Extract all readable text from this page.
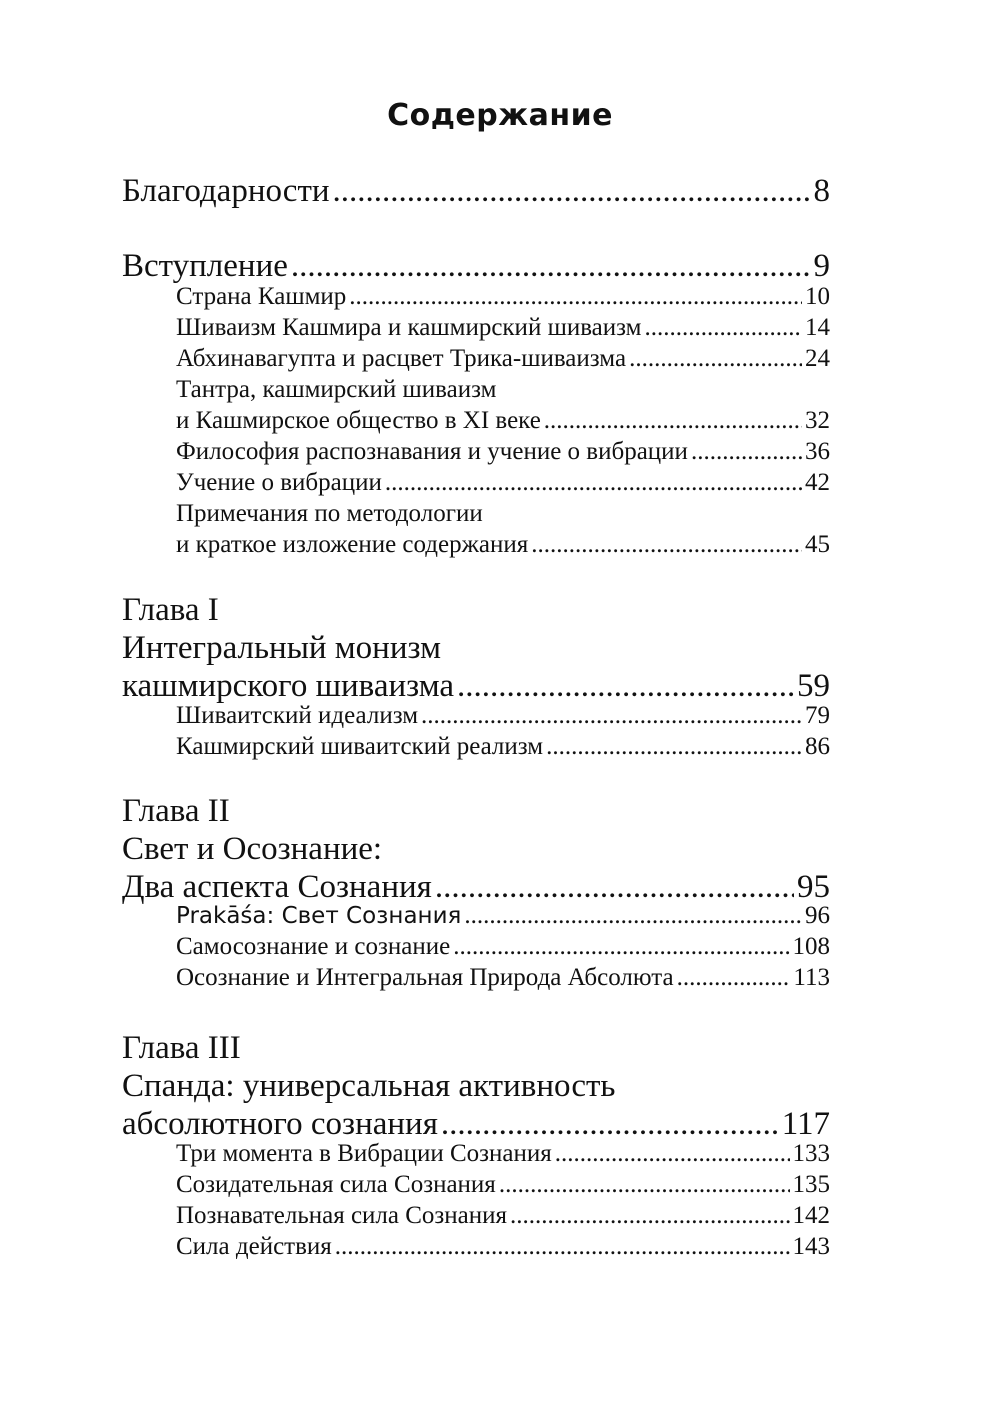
Содержание
Благодарности .....	8
Вступление .....	9
Страна Кашмир .....	10
Шиваизм Кашмира и кашмирский шиваизм .....	14
Абхинавагупта и расцвет Трика-шиваизма .....	24
Тантра, кашмирский шиваизм
и Кашмирское общество в XI веке .....	32
Философия распознавания и учение о вибрации .....	36
Учение о вибрации .....	42
Примечания по методологии
и краткое изложение содержания .....	45
Глава I
Интегральный монизм
кашмирского шиваизма .....	59
Шиваитский идеализм .....	79
Кашмирский шиваитский реализм .....	86
Глава II
Свет и Осознание:
Два аспекта Сознания .....	95
Prakāśa: Свет Сознания .....	96
Самосознание и сознание .....	108
Осознание и Интегральная Природа Абсолюта .....	113
Глава III
Спанда: универсальная активность
абсолютного сознания .....	117
Три момента в Вибрации Сознания .....	133
Созидательная сила Сознания .....	135
Познавательная сила Сознания .....	142
Сила действия .....	143
